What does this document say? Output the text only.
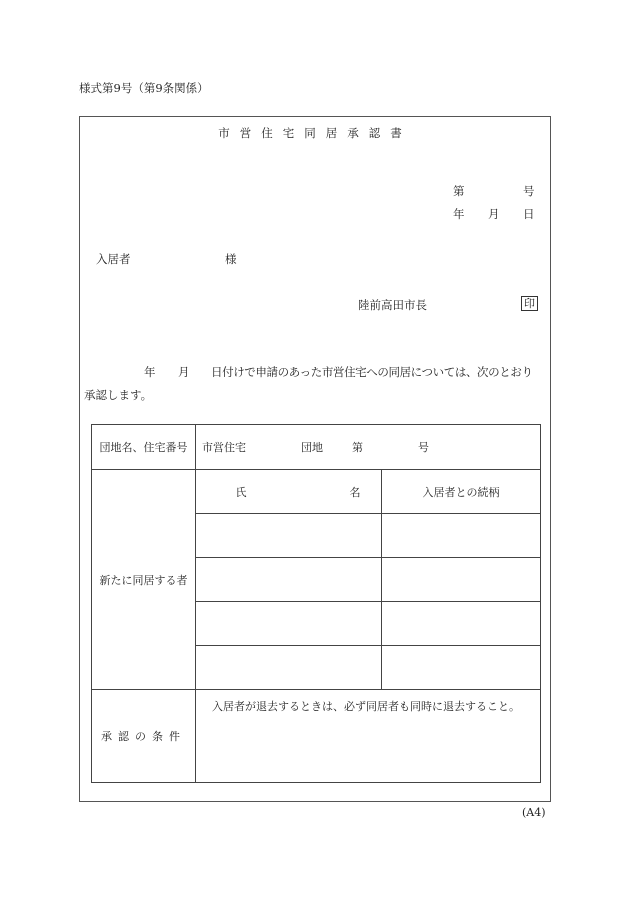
様式第9号（第9条関係）
市営住宅同居承認書
第	号
年 月 日
入居者	様
陸前高田市長	印
年 月 日付けで申請のあった市営住宅への同居については、次のとおり
承認します。
団地名、住宅番号	市営住宅 団地 第 号	
新たに同居する者	氏 名	入居者との続柄

承認の条件	入居者が退去するときは、必ず同居者も同時に退去すること。	
(A4)
